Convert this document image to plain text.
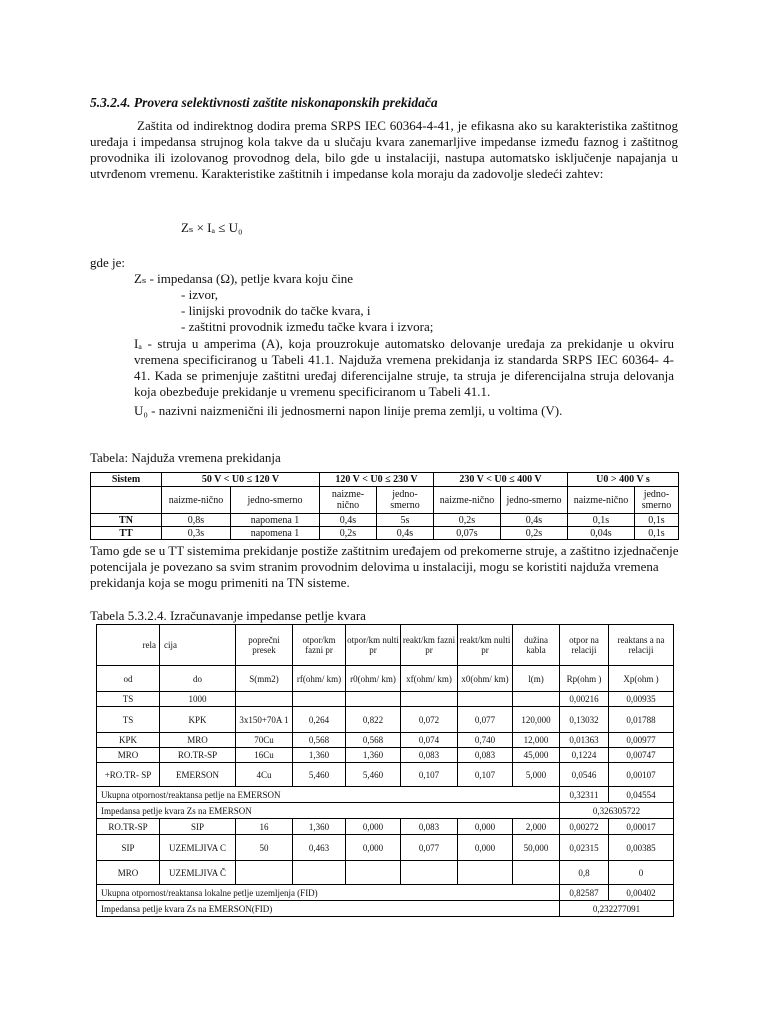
5.3.2.4. Provera selektivnosti zaštite niskonaponskih prekidača

Zaštita od indirektnog dodira prema SRPS IEC 60364-4-41, je efikasna ako su karakteristika zaštitnog uređaja i impedansa strujnog kola takve da u slučaju kvara zanemarljive impedanse između faznog i zaštitnog provodnika ili izolovanog provodnog dela, bilo gde u instalaciji, nastupa automatsko isključenje napajanja u utvrđenom vremenu. Karakteristike zaštitnih i impedanse kola moraju da zadovolje sledeći zahtev:

Zₛ × Iₐ ≤ U₀
gde je:
Zₛ - impedansa (Ω), petlje kvara koju čine
- izvor,
- linijski provodnik do tačke kvara, i
- zaštitni provodnik između tačke kvara i izvora;
Iₐ - struja u amperima (A), koja prouzrokuje automatsko delovanje uređaja za prekidanje u okviru vremena specificiranog u Tabeli 41.1. Najduža vremena prekidanja iz standarda SRPS IEC 60364- 4-41. Kada se primenjuje zaštitni uređaj diferencijalne struje, ta struja je diferencijalna struja delovanja koja obezbeđuje prekidanje u vremenu specificiranom u Tabeli 41.1.
U₀ - nazivni naizmenični ili jednosmerni napon linije prema zemlji, u voltima (V).
Tabela: Najduža vremena prekidanja
Sistem	50 V < U0 ≤ 120 V		120 V < U0 ≤ 230 V		230 V < U0 ≤ 400 V		U0 > 400 V s	
	naizme-nično	jedno-smerno	naizme-nično	jedno-smerno	naizme-nično	jedno-smerno	naizme-nično	jedno-smerno
TN	0,8s	napomena 1	0,4s	5s	0,2s	0,4s	0,1s	0,1s
TT	0,3s	napomena 1	0,2s	0,4s	0,07s	0,2s	0,04s	0,1s
Tamo gde se u TT sistemima prekidanje postiže zaštitnim uređajem od prekomerne struje, a zaštitno izjednačenje potencijala je povezano sa svim stranim provodnim delovima u instalaciji, mogu se koristiti najduža vremena prekidanja koja se mogu primeniti na TN sisteme.
Tabela 5.3.2.4. Izračunavanje impedanse petlje kvara
rela	cija	poprečni presek	otpor/km fazni pr	otpor/km nulti pr	reakt/km fazni pr	reakt/km nulti pr	dužina kabla	otpor na relaciji	reaktans a na relaciji
od	do	S(mm2)	rf(ohm/ km)	r0(ohm/ km)	xf(ohm/ km)	x0(ohm/ km)	l(m)	Rp(ohm )	Xp(ohm )
TS	1000							0,00216	0,00935
TS	KPK	3x150+70A 1	0,264	0,822	0,072	0,077	120,000	0,13032	0,01788
KPK	MRO	70Cu	0,568	0,568	0,074	0,740	12,000	0,01363	0,00977
MRO	RO.TR-SP	16Cu	1,360	1,360	0,083	0,083	45,000	0,1224	0,00747
+RO.TR- SP	EMERSON	4Cu	5,460	5,460	0,107	0,107	5,000	0,0546	0,00107
Ukupna otpornost/reaktansa petlje na EMERSON								0,32311	0,04554
Impedansa petlje kvara Zs na EMERSON								0,326305722	
RO.TR-SP	SIP	16	1,360	0,000	0,083	0,000	2,000	0,00272	0,00017
SIP	UZEMLJIVA C	50	0,463	0,000	0,077	0,000	50,000	0,02315	0,00385
MRO	UZEMLJIVA Č							0,8	0
Ukupna otpornost/reaktansa lokalne petlje uzemljenja (FID)								0,82587	0,00402
Impedansa petlje kvara Zs na EMERSON(FID)								0,232277091	
